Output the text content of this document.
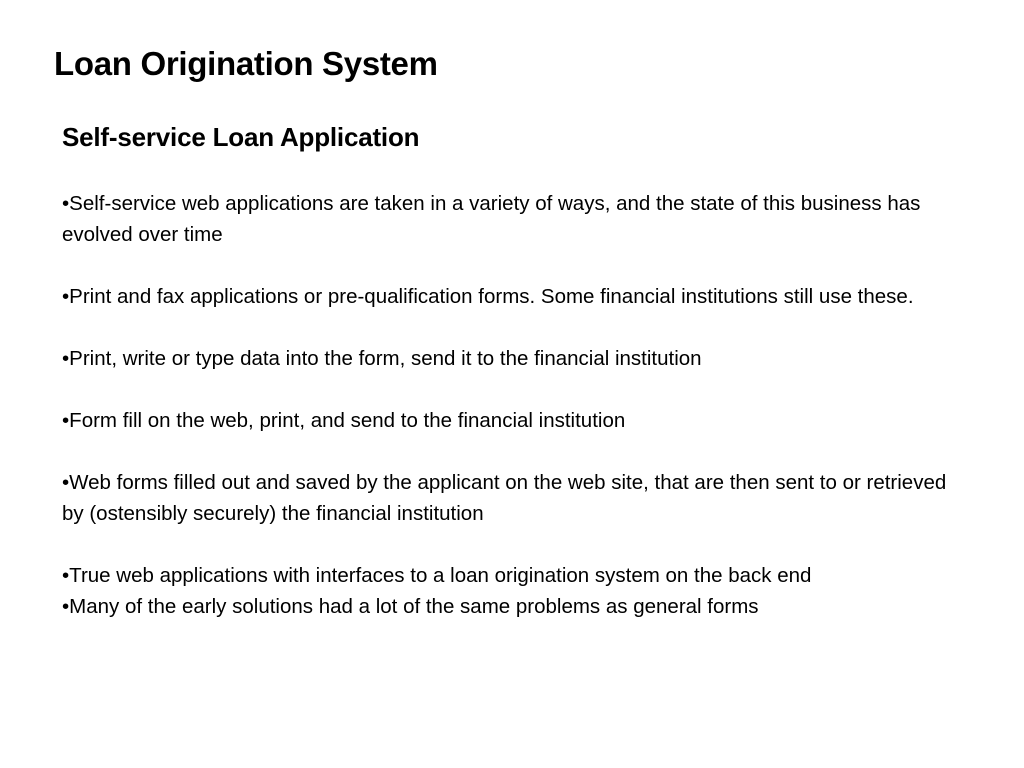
Loan Origination System
Self-service Loan Application
•Self-service web applications are taken in a variety of ways, and the state of this business has evolved over time
•Print and fax applications or pre-qualification forms. Some financial institutions still use these.
•Print, write or type data into the form, send it to the financial institution
•Form fill on the web, print, and send to the financial institution
•Web forms filled out and saved by the applicant on the web site, that are then sent to or retrieved by (ostensibly securely) the financial institution
•True web applications with interfaces to a loan origination system on the back end
•Many of the early solutions had a lot of the same problems as general forms
